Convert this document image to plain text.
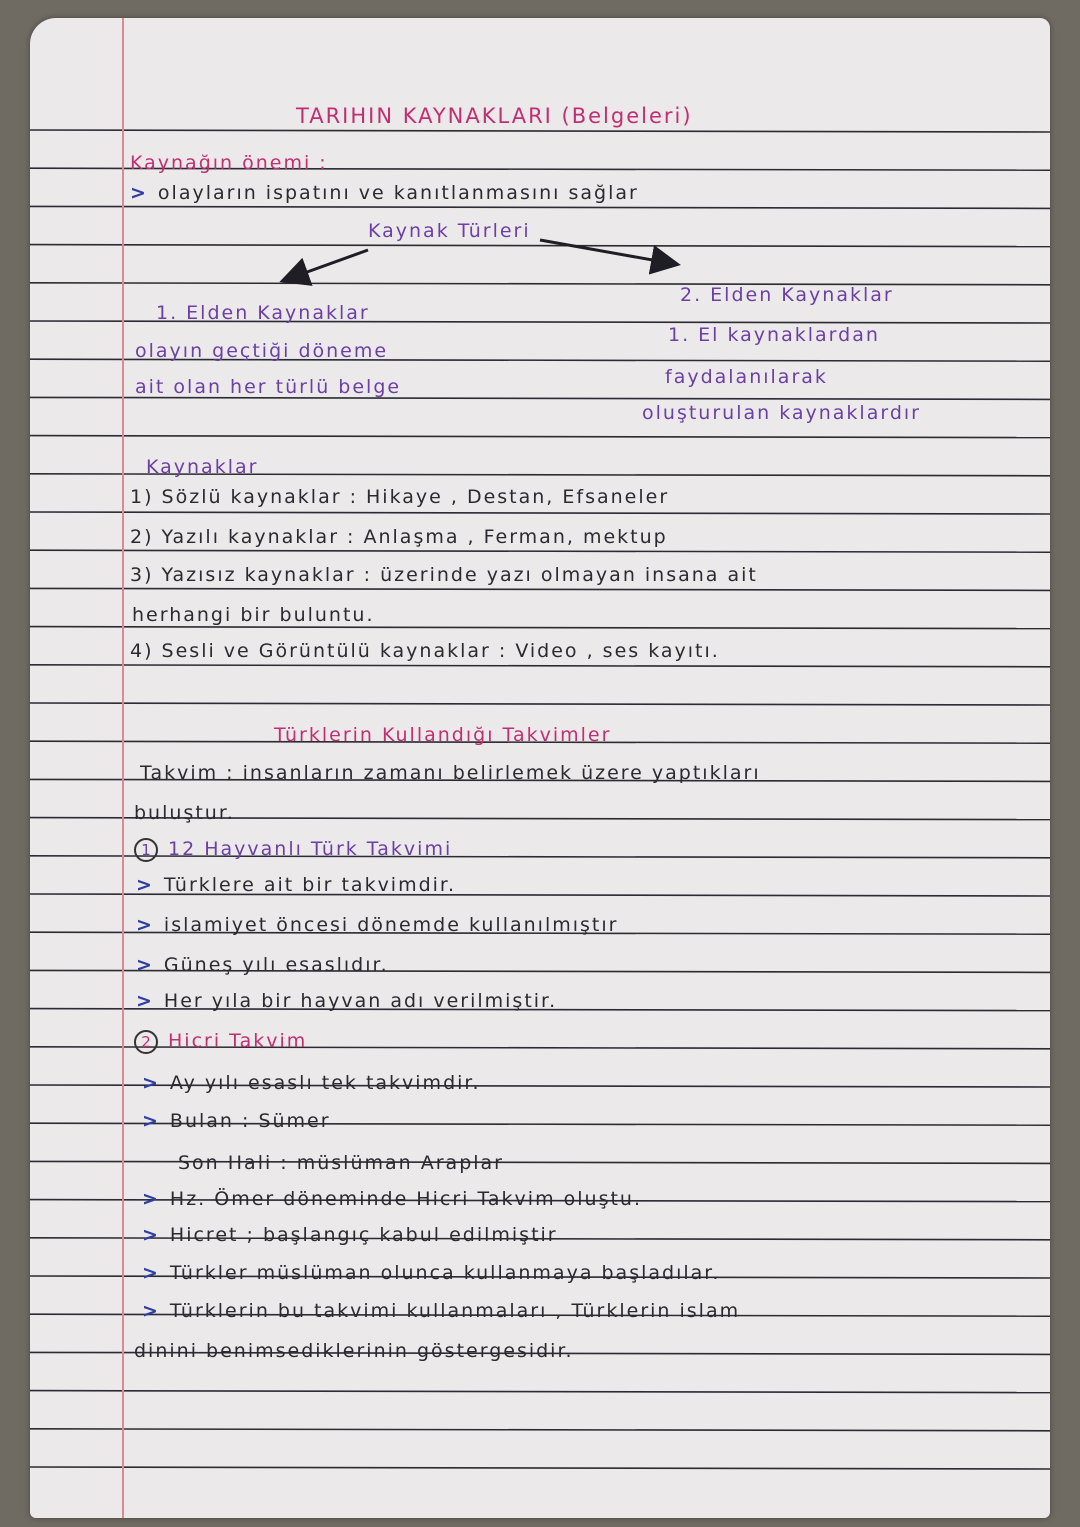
TARIHIN KAYNAKLARI (Belgeleri)
Kaynağın önemi :
> olayların ispatını ve kanıtlanmasını sağlar
Kaynak Türleri
1. Elden Kaynaklar
olayın geçtiği döneme
ait olan her türlü belge
2. Elden Kaynaklar
1. El kaynaklardan
faydalanılarak
oluşturulan kaynaklardır
Kaynaklar
1) Sözlü kaynaklar : Hikaye , Destan, Efsaneler
2) Yazılı kaynaklar : Anlaşma , Ferman, mektup
3) Yazısız kaynaklar : üzerinde yazı olmayan insana ait
herhangi bir buluntu.
4) Sesli ve Görüntülü kaynaklar : Video , ses kayıtı.
Türklerin Kullandığı Takvimler
Takvim : insanların zamanı belirlemek üzere yaptıkları
buluştur.
1 12 Hayvanlı Türk Takvimi
> Türklere ait bir takvimdir.
> islamiyet öncesi dönemde kullanılmıştır
> Güneş yılı esaslıdır.
> Her yıla bir hayvan adı verilmiştir.
2 Hicri Takvim
> Ay yılı esaslı tek takvimdir.
> Bulan : Sümer
Son Hali : müslüman Araplar
> Hz. Ömer döneminde Hicri Takvim oluştu.
> Hicret ; başlangıç kabul edilmiştir
> Türkler müslüman olunca kullanmaya başladılar.
> Türklerin bu takvimi kullanmaları , Türklerin islam
dinini benimsediklerinin göstergesidir.
